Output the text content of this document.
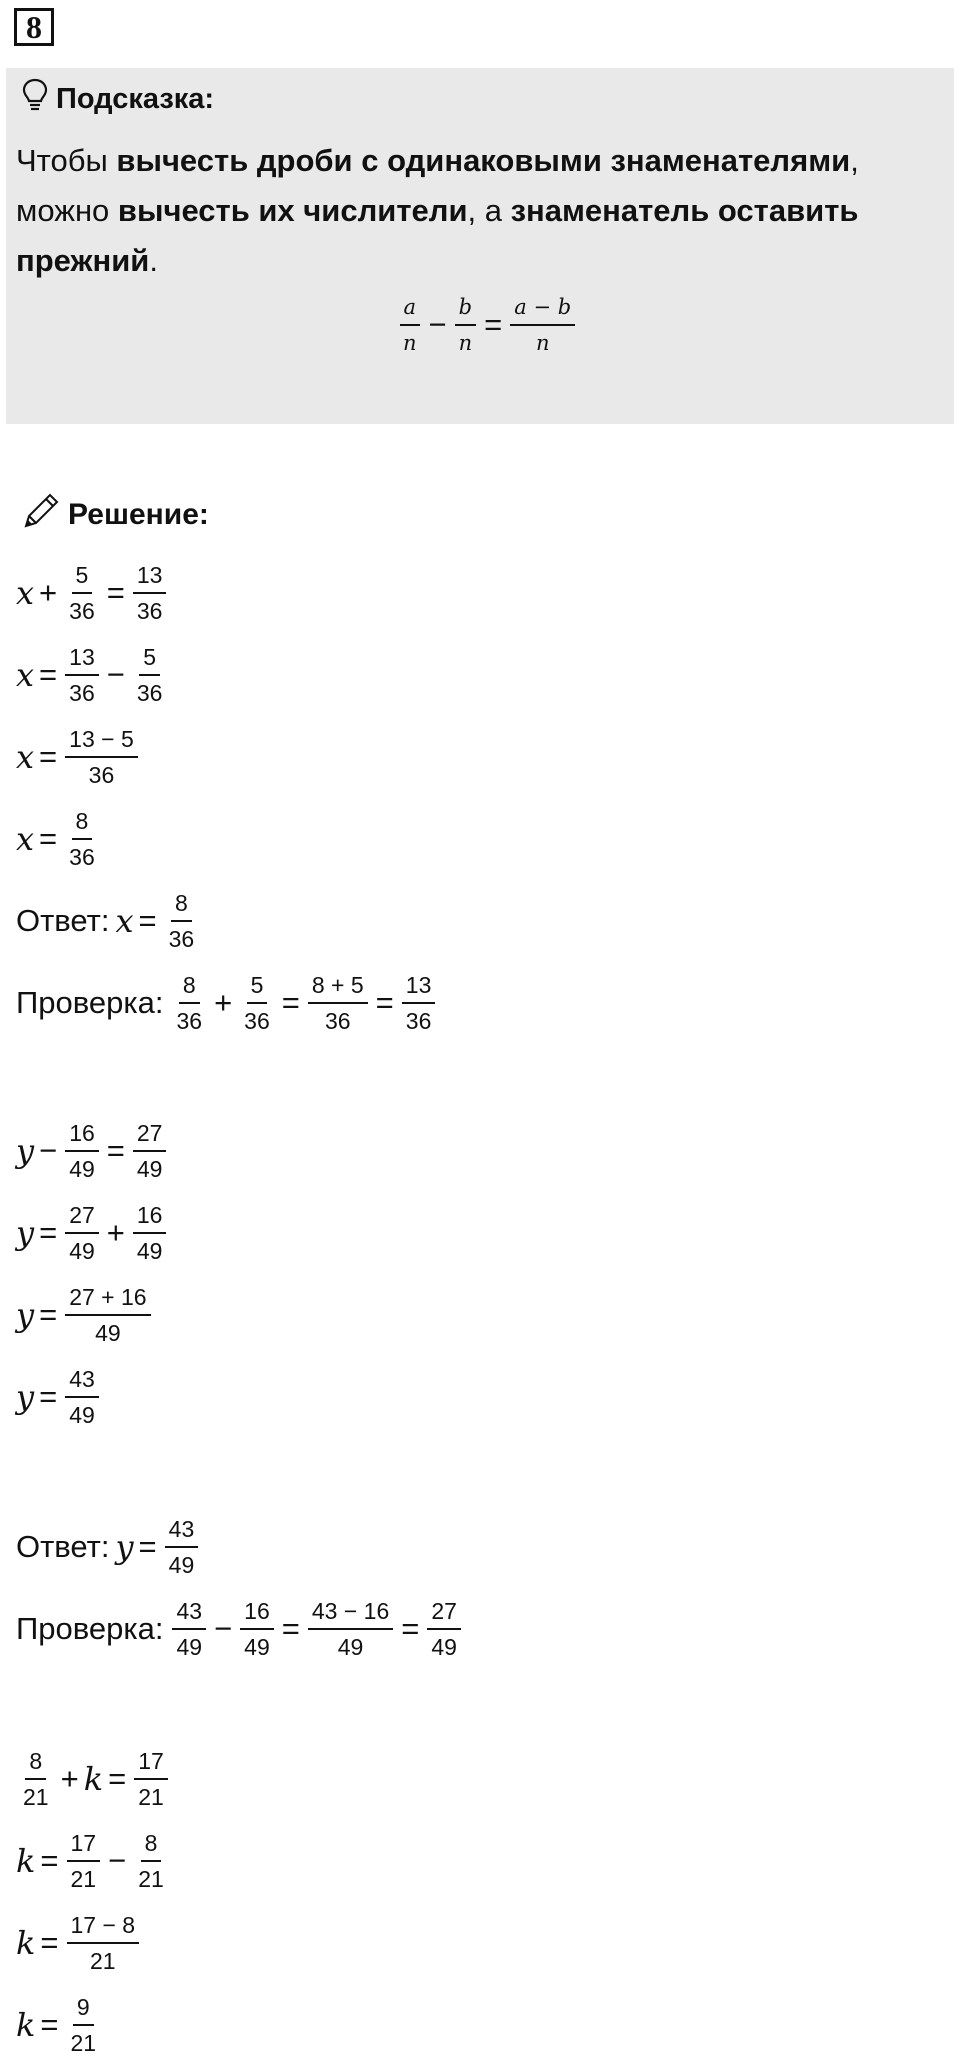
8
Подсказка:
Чтобы вычесть дроби с одинаковыми знаменателями, можно вычесть их числители, а знаменатель оставить прежний.
$\frac{a}{n} - \frac{b}{n} = \frac{a - b}{n}$
Решение:
$x + \frac{5}{36} = \frac{13}{36}$
$x = \frac{13}{36} - \frac{5}{36}$
$x = \frac{13 - 5}{36}$
$x = \frac{8}{36}$
Ответ: $x = \frac{8}{36}$
Проверка: $\frac{8}{36} + \frac{5}{36} = \frac{8 + 5}{36} = \frac{13}{36}$
$y - \frac{16}{49} = \frac{27}{49}$
$y = \frac{27}{49} + \frac{16}{49}$
$y = \frac{27 + 16}{49}$
$y = \frac{43}{49}$
Ответ: $y = \frac{43}{49}$
Проверка: $\frac{43}{49} - \frac{16}{49} = \frac{43 - 16}{49} = \frac{27}{49}$
$\frac{8}{21} + k = \frac{17}{21}$
$k = \frac{17}{21} - \frac{8}{21}$
$k = \frac{17 - 8}{21}$
$k = \frac{9}{21}$
